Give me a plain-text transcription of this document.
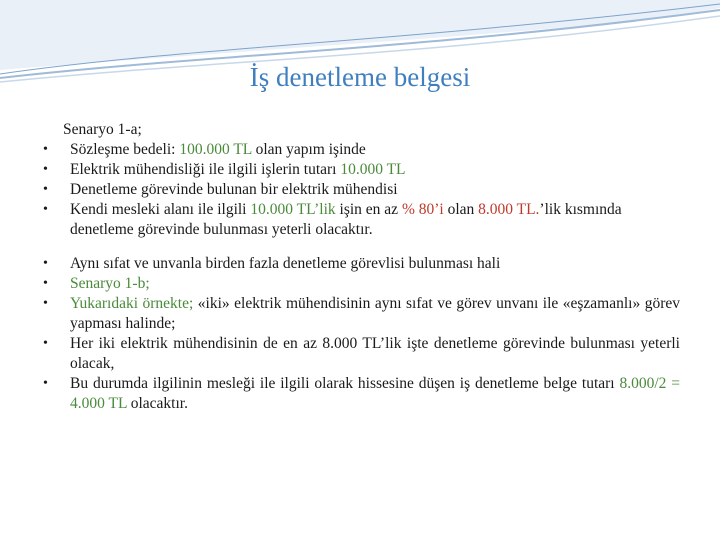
İş denetleme belgesi

Senaryo 1-a;

• Sözleşme bedeli: 100.000 TL olan yapım işinde
• Elektrik mühendisliği ile ilgili işlerin tutarı 10.000 TL
• Denetleme görevinde bulunan bir elektrik mühendisi
• Kendi mesleki alanı ile ilgili 10.000 TL’lik işin en az % 80’i olan 8.000 TL.’lik kısmında denetleme görevinde bulunması yeterli olacaktır.
• Aynı sıfat ve unvanla birden fazla denetleme görevlisi bulunması hali
• Senaryo 1-b;
• Yukarıdaki örnekte; «iki» elektrik mühendisinin aynı sıfat ve görev unvanı ile «eşzamanlı» görev yapması halinde;
• Her iki elektrik mühendisinin de en az 8.000 TL’lik işte denetleme görevinde bulunması yeterli olacak,
• Bu durumda ilgilinin mesleği ile ilgili olarak hissesine düşen iş denetleme belge tutarı 8.000/2 = 4.000 TL olacaktır.
